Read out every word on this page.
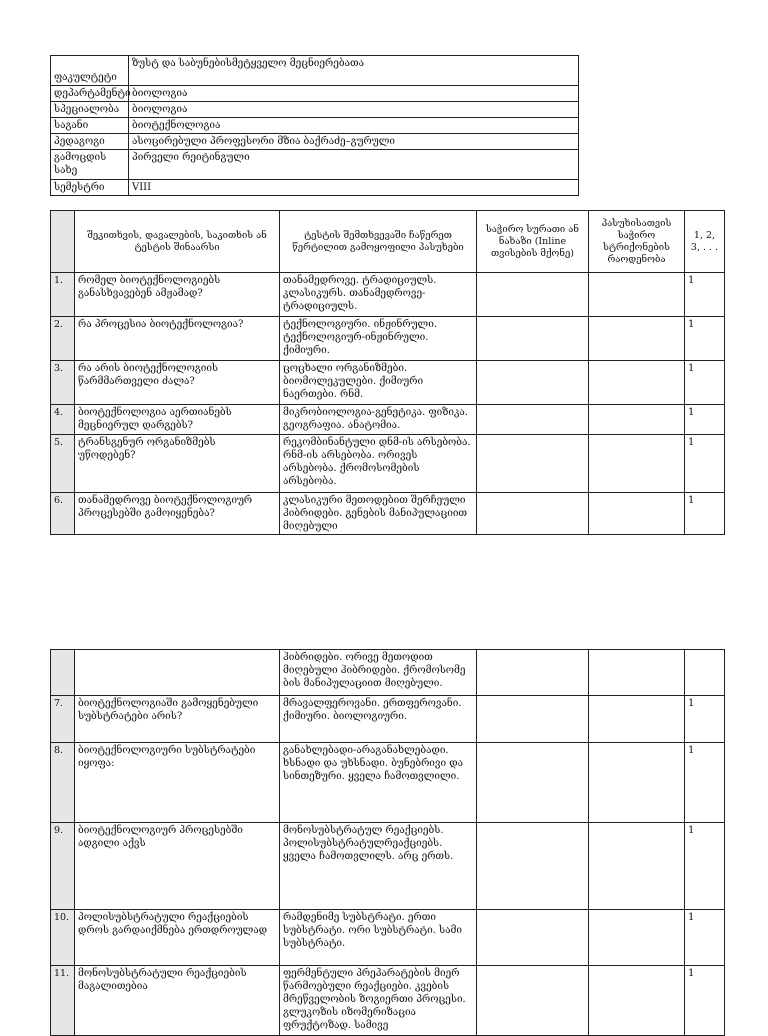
ფაკულტეტი	ზუსტ და საბუნებისმეტყველო მეცნიერებათა
დეპარტამენტი	ბიოლოგია
სპეციალობა	ბიოლოგია
საგანი	ბიოტექნოლოგია
პედაგოგი	ასოცირებული პროფესორი მზია ბაქრაძე–გურული
გამოცდის სახე	პირველი რეიტინგული
სემესტრი	VIII
	შეკითხვის, დავალების, საკითხის ან ტესტის შინაარსი	ტესტის შემთხვევაში ჩაწერეთ წერტილით გამოყოფილი პასუხები	საჭირო სურათი ან ნახაზი (Inline თვისების მქონე)	პასუხისათვის საჭირო სტრიქონების რაოდენობა	1, 2, 3, . . .
1.	რომელ ბიოტექნოლოგიებს განასხვავებენ ამჟამად?	თანამედროვე. ტრადიციულს. კლასიკურს. თანამედროვე-ტრადიციულს.			1
2.	რა პროცესია ბიოტექნოლოგია?	ტექნოლოგიური. ინჟინრული. ტექნოლოგიურ-ინჟინრული. ქიმიური.			1
3.	რა არის ბიოტექნოლოგიის წარმმართველი ძალა?	ცოცხალი ორგანიზმები. ბიომოლეკულები. ქიმიური ნაერთები. რნმ.			1
4.	ბიოტექნოლოგია აერთიანებს მეცნიერულ დარგებს?	მიკრობიოლოგია-გენეტიკა. ფიზიკა. გეოგრაფია. ანატომია.			1
5.	ტრანსგენურ ორგანიზმებს უწოდებენ?	რეკომბინანტული დნმ-ის არსებობა. რნმ-ის არსებობა. ორივეს არსებობა. ქრომოსომების არსებობა.			1
6.	თანამედროვე ბიოტექნოლოგიურ პროცესებში გამოიყენება?	კლასიკური მეთოდებით შერჩეული ჰიბრიდები. გენების მანიპულაციით მიღებული			1
		ჰიბრიდები. ორივე მეთოდით მიღებული ჰიბრიდები. ქრომოსომე ბის მანიპულაციით მიღებული.			
7.	ბიოტექნოლოგიაში გამოყენებული სუბსტრატები არის?	მრავალფეროვანი. ერთფეროვანი. ქიმიური. ბიოლოგიური.			1
8.	ბიოტექნოლოგიური სუბსტრატები იყოფა:	განახლებადი-არაგანახლებადი. ხსნადი და უხსნადი. ბუნებრივი და სინთეზური. ყველა ჩამოთვლილი.			1
9.	ბიოტექნოლოგიურ პროცესებში ადგილი აქვს	მონოსუბსტრატულ რეაქციებს. პოლისუბსტრატულრეაქციებს. ყველა ჩამოთვლილს. არც ერთს.			1
10.	პოლისუბსტრატული რეაქციების დროს გარდაიქმნება ერთდროულად	რამდენიმე სუბსტრატი. ერთი სუბსტრატი. ორი სუბსტრატი. სამი სუბსტრატი.			1
11.	მონოსუბსტრატული რეაქციების მაგალითებია	ფერმენტული პრეპარატების მიერ წარმოებული რეაქციები. კვების მრეწველობის ზოგიერთი პროცესი. გლუკოზის იზომერიზაცია ფრუქტოზად. სამივე			1
